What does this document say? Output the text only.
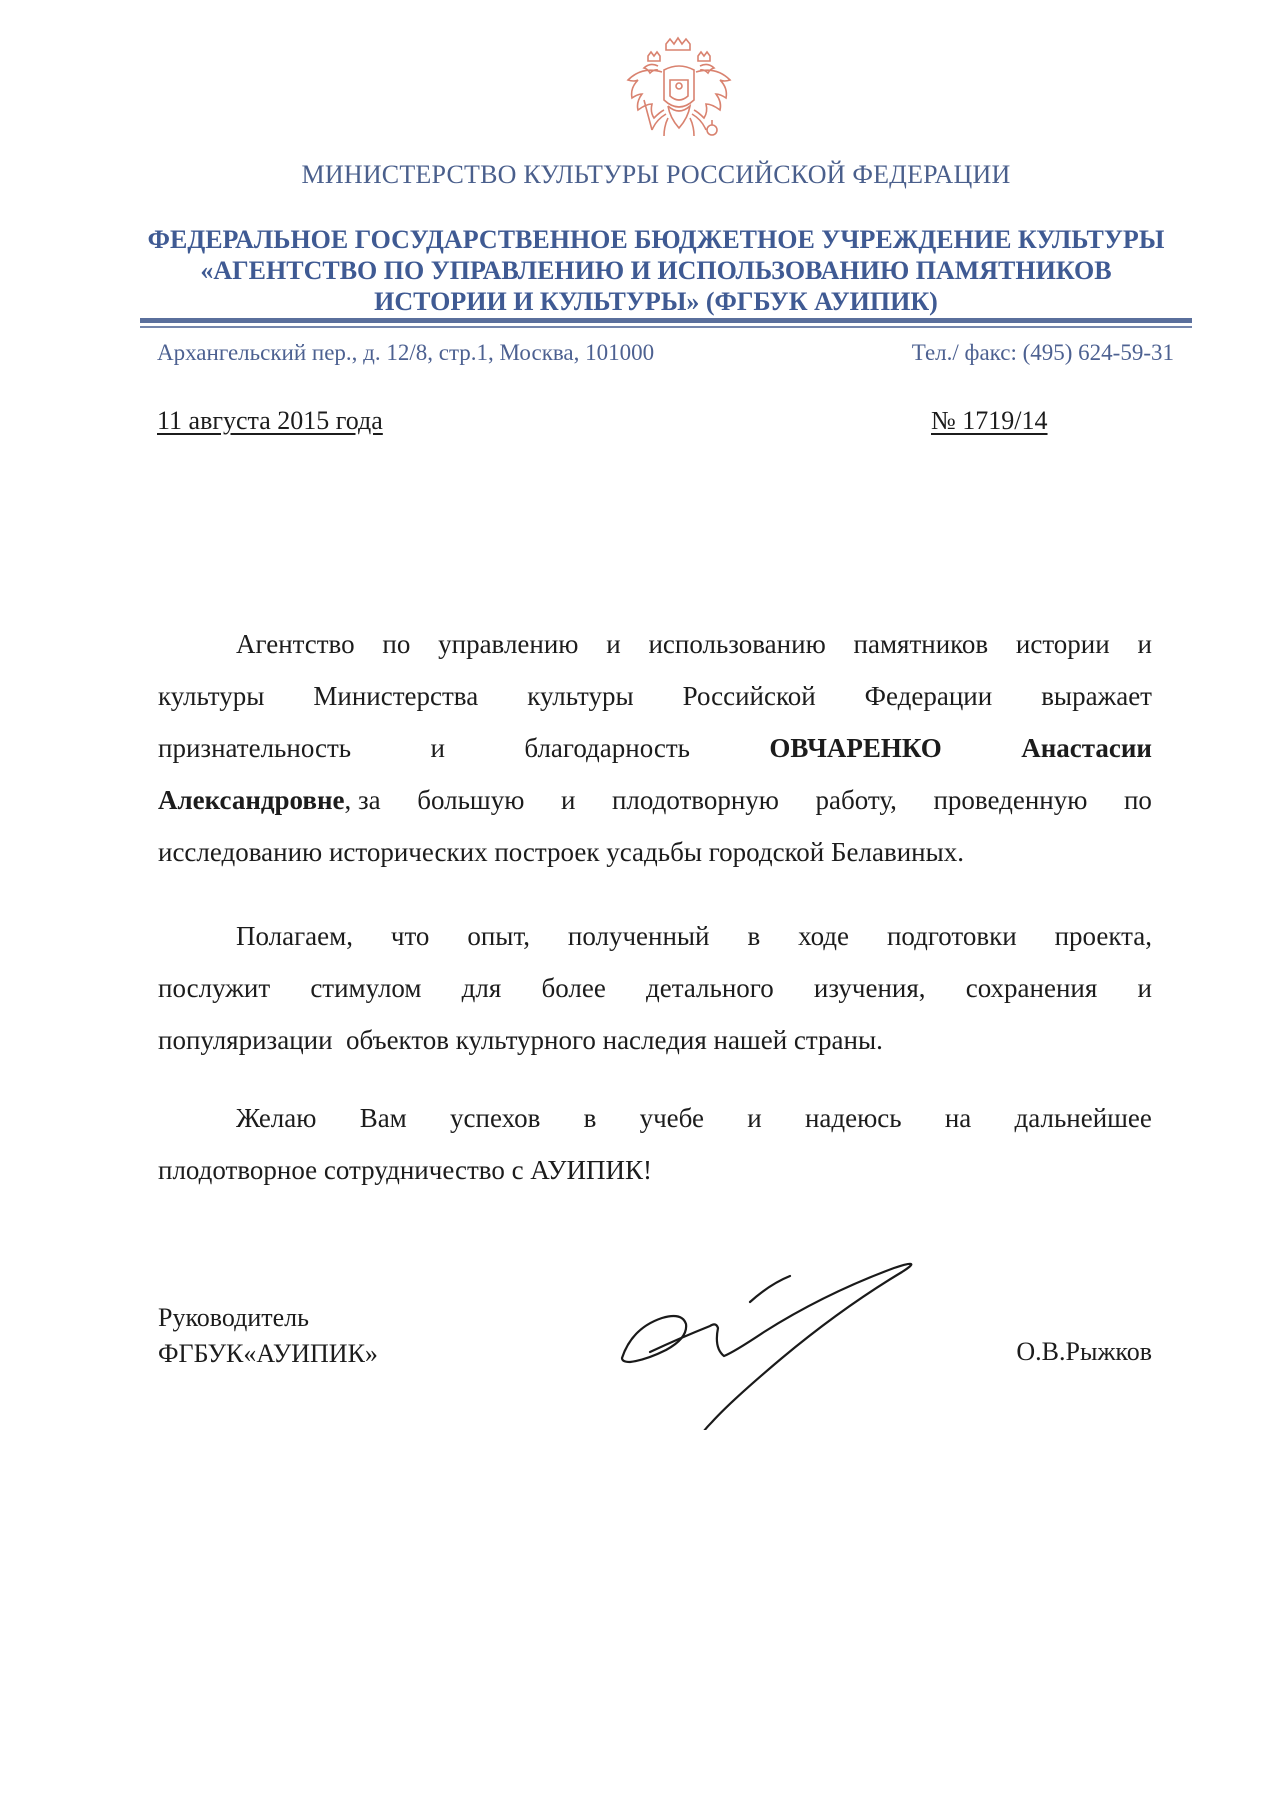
МИНИСТЕРСТВО КУЛЬТУРЫ РОССИЙСКОЙ ФЕДЕРАЦИИ
ФЕДЕРАЛЬНОЕ ГОСУДАРСТВЕННОЕ БЮДЖЕТНОЕ УЧРЕЖДЕНИЕ КУЛЬТУРЫ
«АГЕНТСТВО ПО УПРАВЛЕНИЮ И ИСПОЛЬЗОВАНИЮ ПАМЯТНИКОВ
ИСТОРИИ И КУЛЬТУРЫ» (ФГБУК АУИПИК)
Архангельский пер., д. 12/8, стр.1, Москва, 101000	Тел./ факс: (495) 624-59-31
11 августа 2015 года	№ 1719/14
Агентство по управлению и использованию памятников истории и
культуры Министерства культуры Российской Федерации выражает
признательность	и	благодарность	ОВЧАРЕНКО	Анастасии
Александровне, за большую и плодотворную работу, проведенную по
исследованию исторических построек усадьбы городской Белавиных.
Полагаем, что опыт, полученный в ходе подготовки проекта,
послужит стимулом для более детального изучения, сохранения и
популяризации  объектов культурного наследия нашей страны.
Желаю Вам успехов в учебе и надеюсь на дальнейшее
плодотворное сотрудничество с АУИПИК!
Руководитель
ФГБУК«АУИПИК»	О.В.Рыжков
